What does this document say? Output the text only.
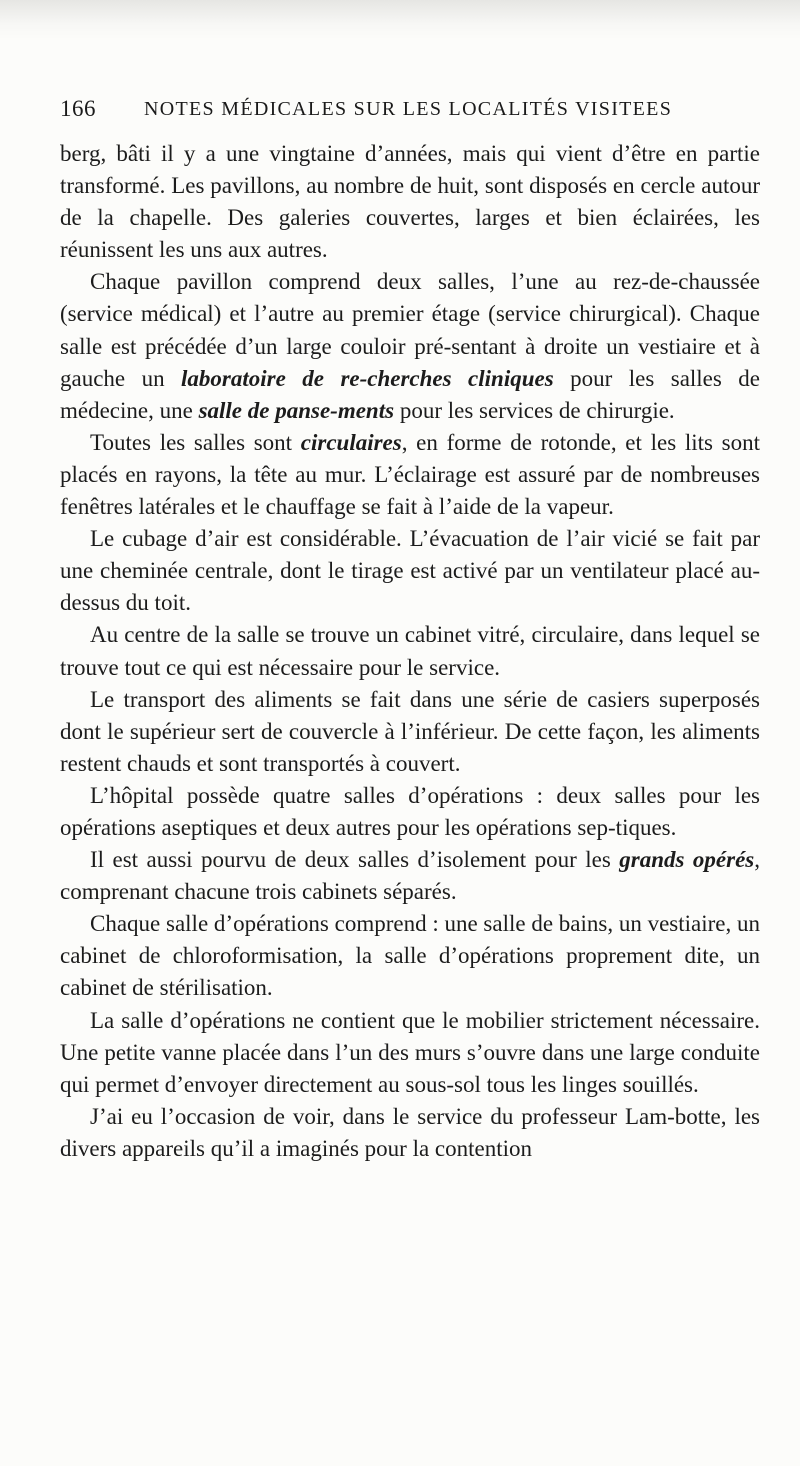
166 NOTES MÉDICALES SUR LES LOCALITÉS VISITEES

berg, bâti il y a une vingtaine d’années, mais qui vient d’être en partie transformé. Les pavillons, au nombre de huit, sont disposés en cercle autour de la chapelle. Des galeries couvertes, larges et bien éclairées, les réunissent les uns aux autres.

Chaque pavillon comprend deux salles, l’une au rez-de-chaussée (service médical) et l’autre au premier étage (service chirurgical). Chaque salle est précédée d’un large couloir pré-sentant à droite un vestiaire et à gauche un laboratoire de re-cherches cliniques pour les salles de médecine, une salle de panse-ments pour les services de chirurgie.

Toutes les salles sont circulaires, en forme de rotonde, et les lits sont placés en rayons, la tête au mur. L’éclairage est assuré par de nombreuses fenêtres latérales et le chauffage se fait à l’aide de la vapeur.

Le cubage d’air est considérable. L’évacuation de l’air vicié se fait par une cheminée centrale, dont le tirage est activé par un ventilateur placé au-dessus du toit.

Au centre de la salle se trouve un cabinet vitré, circulaire, dans lequel se trouve tout ce qui est nécessaire pour le service.

Le transport des aliments se fait dans une série de casiers superposés dont le supérieur sert de couvercle à l’inférieur. De cette façon, les aliments restent chauds et sont transportés à couvert.

L’hôpital possède quatre salles d’opérations : deux salles pour les opérations aseptiques et deux autres pour les opérations sep-tiques.

Il est aussi pourvu de deux salles d’isolement pour les grands opérés, comprenant chacune trois cabinets séparés.

Chaque salle d’opérations comprend : une salle de bains, un vestiaire, un cabinet de chloroformisation, la salle d’opérations proprement dite, un cabinet de stérilisation.

La salle d’opérations ne contient que le mobilier strictement nécessaire. Une petite vanne placée dans l’un des murs s’ouvre dans une large conduite qui permet d’envoyer directement au sous-sol tous les linges souillés.

J’ai eu l’occasion de voir, dans le service du professeur Lam-botte, les divers appareils qu’il a imaginés pour la contention
